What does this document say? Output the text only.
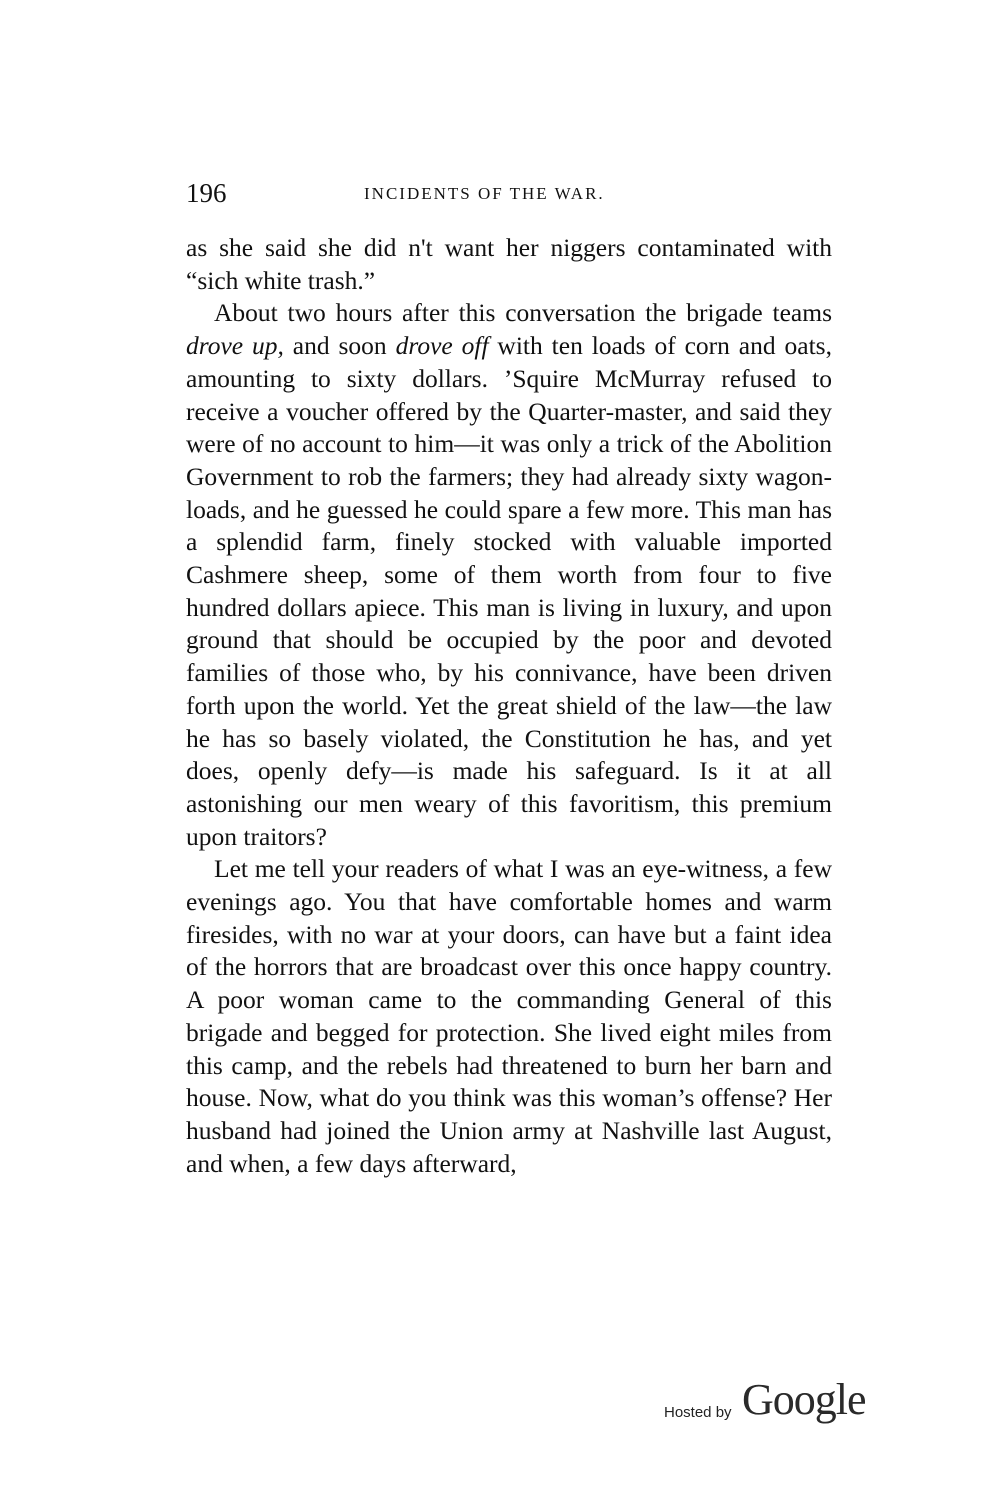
196	INCIDENTS OF THE WAR.

as she said she did n't want her niggers contaminated with “sich white trash.”

About two hours after this conversation the brigade teams drove up, and soon drove off with ten loads of corn and oats, amounting to sixty dollars. ’Squire McMurray refused to receive a voucher offered by the Quarter-master, and said they were of no account to him—it was only a trick of the Abolition Government to rob the farmers; they had already sixty wagon-loads, and he guessed he could spare a few more. This man has a splendid farm, finely stocked with valuable imported Cashmere sheep, some of them worth from four to five hundred dollars apiece. This man is living in luxury, and upon ground that should be occupied by the poor and devoted families of those who, by his connivance, have been driven forth upon the world. Yet the great shield of the law—the law he has so basely violated, the Constitution he has, and yet does, openly defy—is made his safeguard. Is it at all astonishing our men weary of this favoritism, this premium upon traitors?

Let me tell your readers of what I was an eye-witness, a few evenings ago. You that have comfortable homes and warm firesides, with no war at your doors, can have but a faint idea of the horrors that are broadcast over this once happy country. A poor woman came to the commanding General of this brigade and begged for protection. She lived eight miles from this camp, and the rebels had threatened to burn her barn and house. Now, what do you think was this woman’s offense? Her husband had joined the Union army at Nashville last August, and when, a few days afterward,

Hosted by Google
